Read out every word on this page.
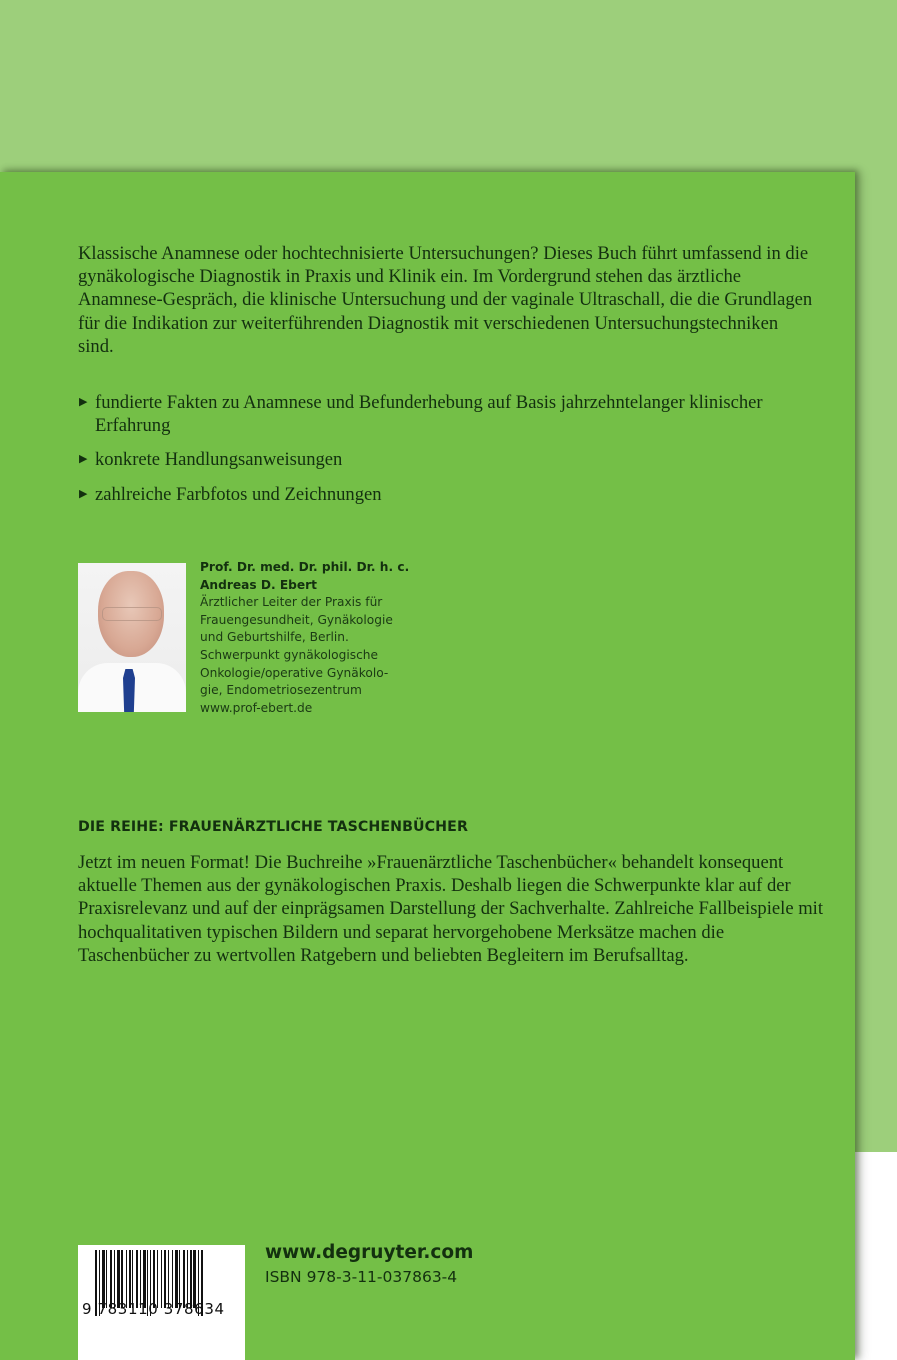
Klassische Anamnese oder hochtechnisierte Untersuchungen? Dieses Buch führt umfassend in die gynäkologische Diagnostik in Praxis und Klinik ein. Im Vordergrund stehen das ärztliche Anamnese-Gespräch, die klinische Untersuchung und der vaginale Ultraschall, die die Grundlagen für die Indikation zur weiterführenden Diagnostik mit verschiedenen Untersuchungstechniken sind.

▶ fundierte Fakten zu Anamnese und Befunderhebung auf Basis jahrzehntelanger klinischer Erfahrung
▶ konkrete Handlungsanweisungen
▶ zahlreiche Farbfotos und Zeichnungen
Prof. Dr. med. Dr. phil. Dr. h. c.
Andreas D. Ebert
Ärztlicher Leiter der Praxis für
Frauengesundheit, Gynäkologie
und Geburtshilfe, Berlin.
Schwerpunkt gynäkologische
Onkologie/operative Gynäkolo-
gie, Endometriosezentrum
www.prof-ebert.de
DIE REIHE: FRAUENÄRZTLICHE TASCHENBÜCHER

Jetzt im neuen Format! Die Buchreihe »Frauenärztliche Taschenbücher« behandelt konsequent aktuelle Themen aus der gynäkologischen Praxis. Deshalb liegen die Schwerpunkte klar auf der Praxisrelevanz und auf der einprägsamen Darstellung der Sachverhalte. Zahlreiche Fallbeispiele mit hochqualitativen typischen Bildern und separat hervorgehobene Merksätze machen die Taschenbücher zu wertvollen Ratgebern und beliebten Begleitern im Berufsalltag.

9 783110 378634
www.degruyter.com
ISBN 978-3-11-037863-4
